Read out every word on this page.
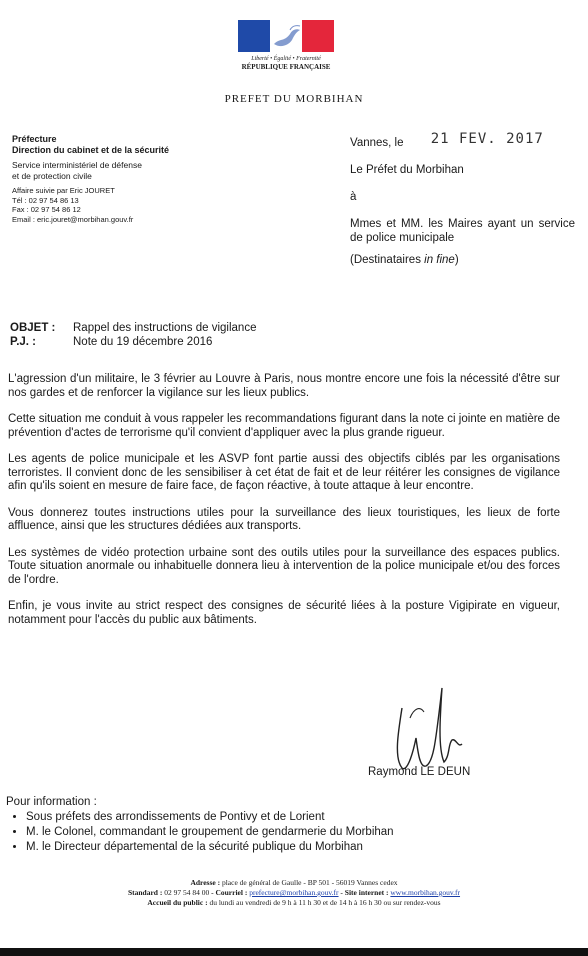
Liberté • Égalité • Fraternité
RÉPUBLIQUE FRANÇAISE
PREFET DU MORBIHAN
Préfecture
Direction du cabinet et de la sécurité
Service interministériel de défense
et de protection civile
Affaire suivie par Eric JOURET
Tél : 02 97 54 86 13
Fax : 02 97 54 86 12
Email : eric.jouret@morbihan.gouv.fr
Vannes, le 21 FEV. 2017
Le Préfet du Morbihan
à
Mmes et MM. les Maires ayant un service de police municipale
(Destinataires in fine)
OBJET : Rappel des instructions de vigilance
P.J. :	Note du 19 décembre 2016

L'agression d'un militaire, le 3 février au Louvre à Paris, nous montre encore une fois la nécessité d'être sur nos gardes et de renforcer la vigilance sur les lieux publics.

Cette situation me conduit à vous rappeler les recommandations figurant dans la note ci jointe en matière de prévention d'actes de terrorisme qu'il convient d'appliquer avec la plus grande rigueur.

Les agents de police municipale et les ASVP font partie aussi des objectifs ciblés par les organisations terroristes. Il convient donc de les sensibiliser à cet état de fait et de leur réitérer les consignes de vigilance afin qu'ils soient en mesure de faire face, de façon réactive, à toute attaque à leur encontre.

Vous donnerez toutes instructions utiles pour la surveillance des lieux touristiques, les lieux de forte affluence, ainsi que les structures dédiées aux transports.

Les systèmes de vidéo protection urbaine sont des outils utiles pour la surveillance des espaces publics. Toute situation anormale ou inhabituelle donnera lieu à intervention de la police municipale et/ou des forces de l'ordre.

Enfin, je vous invite au strict respect des consignes de sécurité liées à la posture Vigipirate en vigueur, notamment pour l'accès du public aux bâtiments.

Raymond LE DEUN
Pour information :
• Sous préfets des arrondissements de Pontivy et de Lorient
• M. le Colonel, commandant le groupement de gendarmerie du Morbihan
• M. le Directeur départemental de la sécurité publique du Morbihan
Adresse : place de général de Gaulle - BP 501 - 56019 Vannes cedex
Standard : 02 97 54 84 00 - Courriel : prefecture@morbihan.gouv.fr - Site internet : www.morbihan.gouv.fr
Accueil du public : du lundi au vendredi de 9 h à 11 h 30 et de 14 h à 16 h 30 ou sur rendez-vous
